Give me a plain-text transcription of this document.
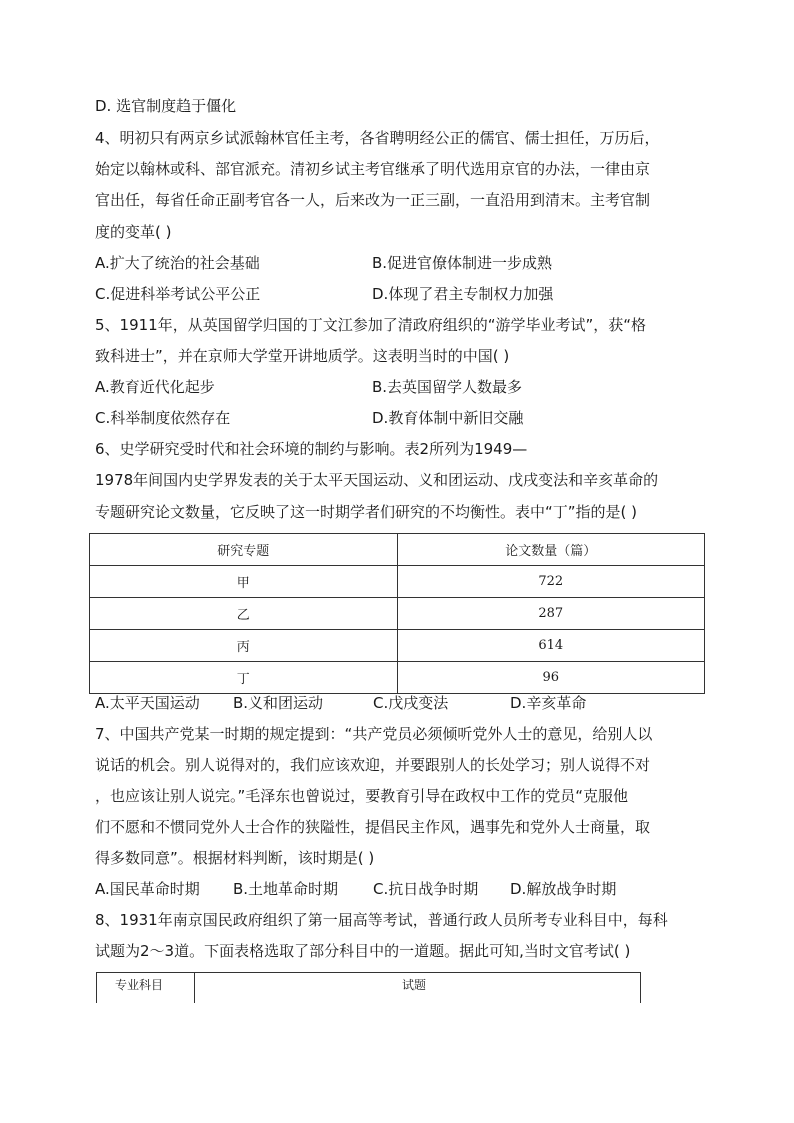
D. 选官制度趋于僵化
4、明初只有两京乡试派翰林官任主考，各省聘明经公正的儒官、儒士担任，万历后，
始定以翰林或科、部官派充。清初乡试主考官继承了明代选用京官的办法，一律由京
官出任，每省任命正副考官各一人，后来改为一正三副，一直沿用到清末。主考官制
度的变革( )
A.扩大了统治的社会基础	B.促进官僚体制进一步成熟
C.促进科举考试公平公正	D.体现了君主专制权力加强
5、1911年，从英国留学归国的丁文江参加了清政府组织的“游学毕业考试”，获“格
致科进士”，并在京师大学堂开讲地质学。这表明当时的中国( )
A.教育近代化起步	B.去英国留学人数最多
C.科举制度依然存在	D.教育体制中新旧交融
6、史学研究受时代和社会环境的制约与影响。表2所列为1949—
1978年间国内史学界发表的关于太平天国运动、义和团运动、戊戌变法和辛亥革命的
专题研究论文数量，它反映了这一时期学者们研究的不均衡性。表中“丁”指的是( )
研究专题	论文数量（篇）
甲	722
乙	287
丙	614
丁	96
A.太平天国运动 B.义和团运动	C.戊戌变法	D.辛亥革命
7、中国共产党某一时期的规定提到：“共产党员必须倾听党外人士的意见，给别人以
说话的机会。别人说得对的，我们应该欢迎，并要跟别人的长处学习；别人说得不对
，也应该让别人说完。”毛泽东也曾说过，要教育引导在政权中工作的党员“克服他
们不愿和不惯同党外人士合作的狭隘性，提倡民主作风，遇事先和党外人士商量，取
得多数同意”。根据材料判断，该时期是( )
A.国民革命时期 B.土地革命时期 C.抗日战争时期 D.解放战争时期
8、1931年南京国民政府组织了第一届高等考试，普通行政人员所考专业科目中，每科
试题为2～3道。下面表格选取了部分科目中的一道题。据此可知,当时文官考试( )
专业科目	试题
